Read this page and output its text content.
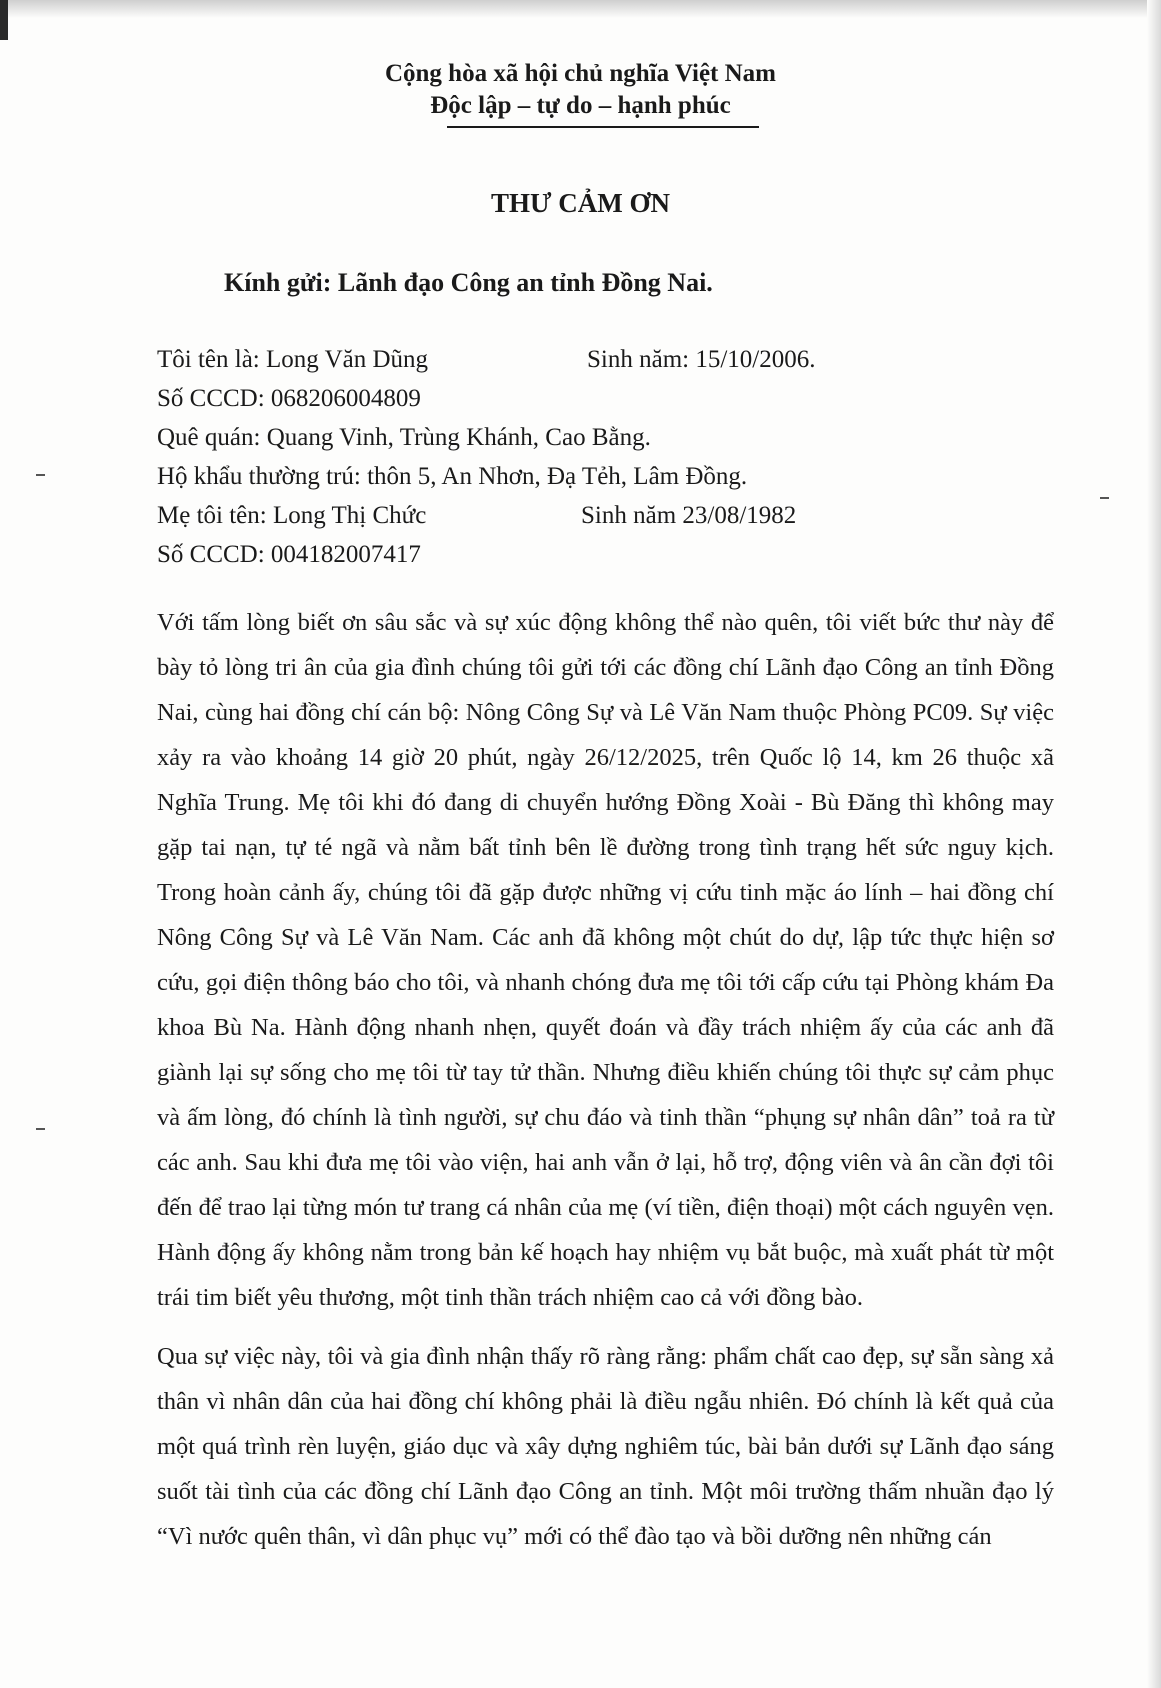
Cộng hòa xã hội chủ nghĩa Việt Nam
Độc lập – tự do – hạnh phúc
THƯ CẢM ƠN
Kính gửi: Lãnh đạo Công an tỉnh Đồng Nai.
Tôi tên là: Long Văn Dũng	Sinh năm: 15/10/2006.
Số CCCD: 068206004809
Quê quán: Quang Vinh, Trùng Khánh, Cao Bằng.
Hộ khẩu thường trú: thôn 5, An Nhơn, Đạ Tẻh, Lâm Đồng.
Mẹ tôi tên: Long Thị Chức	Sinh năm 23/08/1982
Số CCCD: 004182007417

Với tấm lòng biết ơn sâu sắc và sự xúc động không thể nào quên, tôi viết bức thư này để bày tỏ lòng tri ân của gia đình chúng tôi gửi tới các đồng chí Lãnh đạo Công an tỉnh Đồng Nai, cùng hai đồng chí cán bộ: Nông Công Sự và Lê Văn Nam thuộc Phòng PC09. Sự việc xảy ra vào khoảng 14 giờ 20 phút, ngày 26/12/2025, trên Quốc lộ 14, km 26 thuộc xã Nghĩa Trung. Mẹ tôi khi đó đang di chuyển hướng Đồng Xoài - Bù Đăng thì không may gặp tai nạn, tự té ngã và nằm bất tỉnh bên lề đường trong tình trạng hết sức nguy kịch. Trong hoàn cảnh ấy, chúng tôi đã gặp được những vị cứu tinh mặc áo lính – hai đồng chí Nông Công Sự và Lê Văn Nam. Các anh đã không một chút do dự, lập tức thực hiện sơ cứu, gọi điện thông báo cho tôi, và nhanh chóng đưa mẹ tôi tới cấp cứu tại Phòng khám Đa khoa Bù Na. Hành động nhanh nhẹn, quyết đoán và đầy trách nhiệm ấy của các anh đã giành lại sự sống cho mẹ tôi từ tay tử thần. Nhưng điều khiến chúng tôi thực sự cảm phục và ấm lòng, đó chính là tình người, sự chu đáo và tinh thần “phụng sự nhân dân” toả ra từ các anh. Sau khi đưa mẹ tôi vào viện, hai anh vẫn ở lại, hỗ trợ, động viên và ân cần đợi tôi đến để trao lại từng món tư trang cá nhân của mẹ (ví tiền, điện thoại) một cách nguyên vẹn. Hành động ấy không nằm trong bản kế hoạch hay nhiệm vụ bắt buộc, mà xuất phát từ một trái tim biết yêu thương, một tinh thần trách nhiệm cao cả với đồng bào.

Qua sự việc này, tôi và gia đình nhận thấy rõ ràng rằng: phẩm chất cao đẹp, sự sẵn sàng xả thân vì nhân dân của hai đồng chí không phải là điều ngẫu nhiên. Đó chính là kết quả của một quá trình rèn luyện, giáo dục và xây dựng nghiêm túc, bài bản dưới sự Lãnh đạo sáng suốt tài tình của các đồng chí Lãnh đạo Công an tỉnh. Một môi trường thấm nhuần đạo lý “Vì nước quên thân, vì dân phục vụ” mới có thể đào tạo và bồi dưỡng nên những cán
